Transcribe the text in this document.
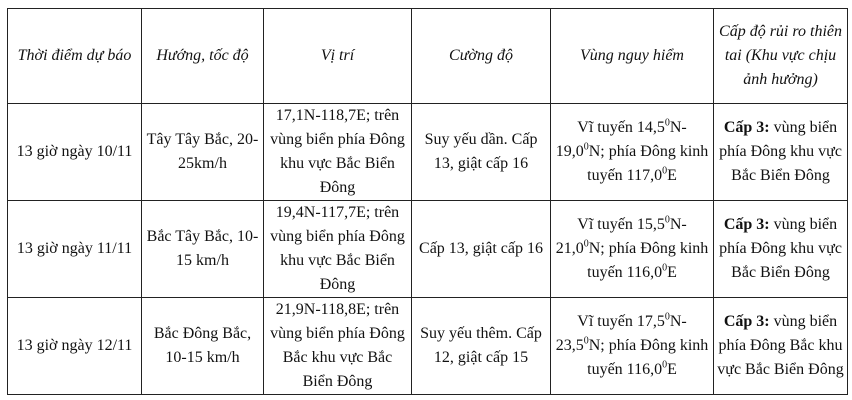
Thời điểm dự báo	Hướng, tốc độ	Vị trí	Cường độ	Vùng nguy hiểm	Cấp độ rủi ro thiên tai (Khu vực chịu ảnh hưởng)
13 giờ ngày 10/11	Tây Tây Bắc, 20-25km/h	17,1N-118,7E; trên vùng biển phía Đông khu vực Bắc Biển Đông	Suy yếu dần. Cấp 13, giật cấp 16	Vĩ tuyến 14,5$^0$N-19,0$^0$N; phía Đông kinh tuyến 117,0$^0$E	Cấp 3: vùng biển phía Đông khu vực Bắc Biển Đông
13 giờ ngày 11/11	Bắc Tây Bắc, 10-15 km/h	19,4N-117,7E; trên vùng biển phía Đông khu vực Bắc Biển Đông	Cấp 13, giật cấp 16	Vĩ tuyến 15,5$^0$N-21,0$^0$N; phía Đông kinh tuyến 116,0$^0$E	Cấp 3: vùng biển phía Đông khu vực Bắc Biển Đông
13 giờ ngày 12/11	Bắc Đông Bắc, 10-15 km/h	21,9N-118,8E; trên vùng biển phía Đông Bắc khu vực Bắc Biển Đông	Suy yếu thêm. Cấp 12, giật cấp 15	Vĩ tuyến 17,5$^0$N-23,5$^0$N; phía Đông kinh tuyến 116,0$^0$E	Cấp 3: vùng biển phía Đông Bắc khu vực Bắc Biển Đông
